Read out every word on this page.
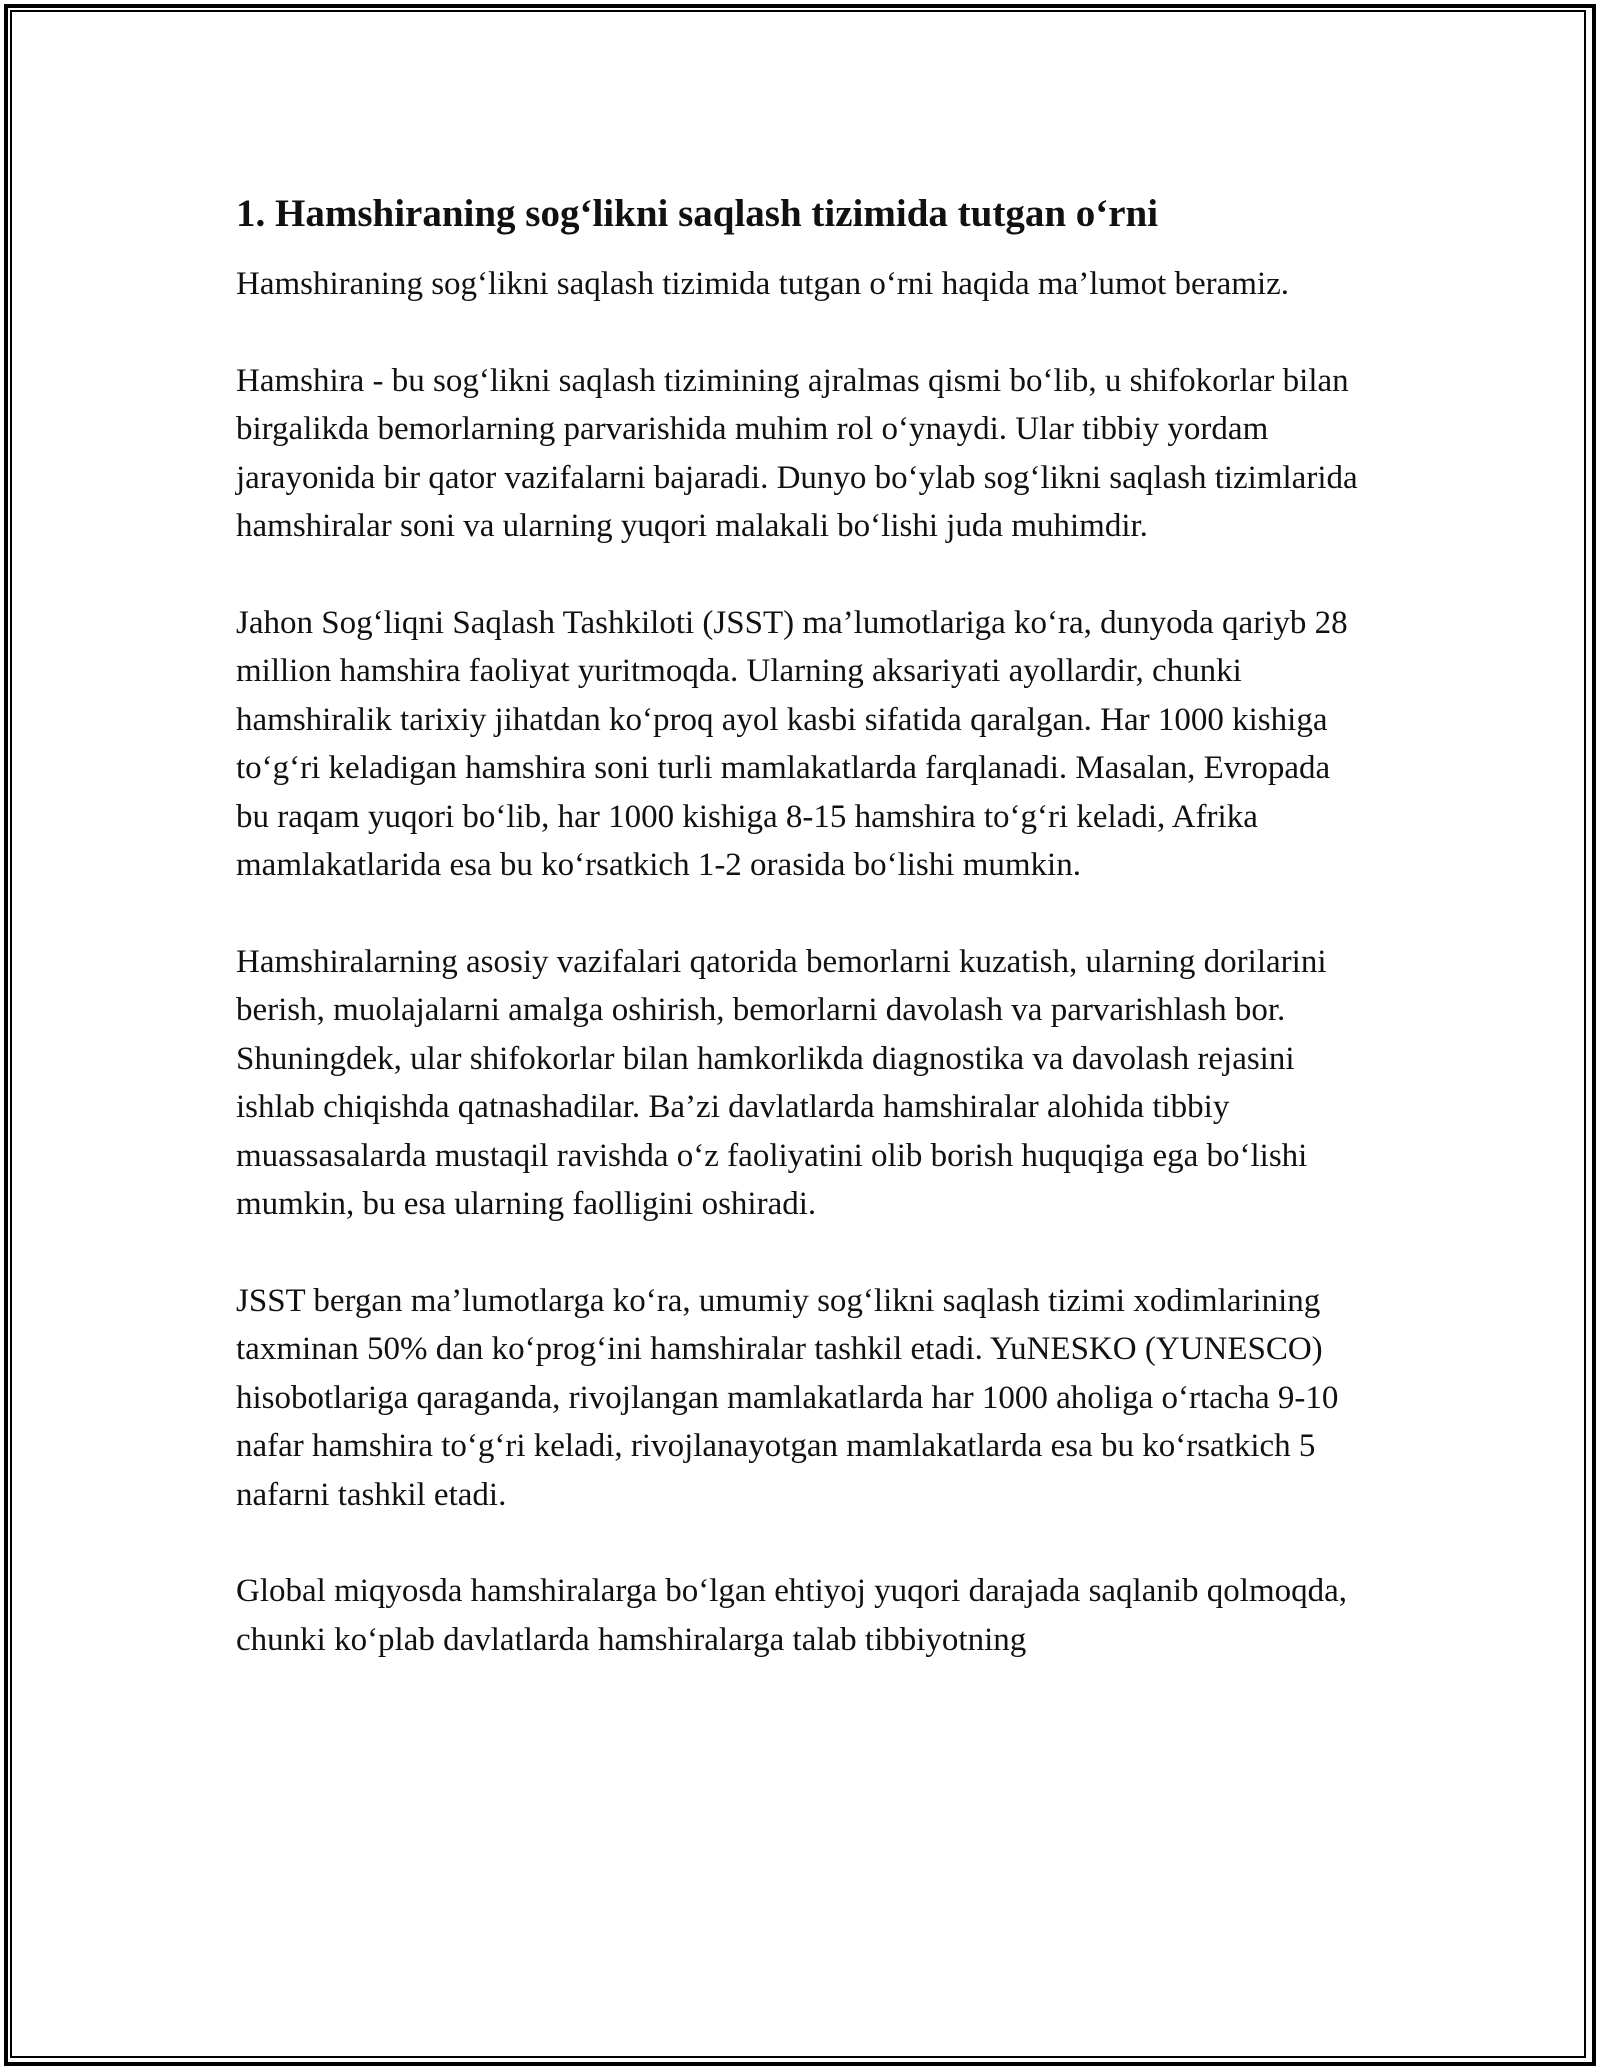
1. Hamshiraning sog‘likni saqlash tizimida tutgan o‘rni

Hamshiraning sog‘likni saqlash tizimida tutgan o‘rni haqida ma’lumot beramiz.

Hamshira - bu sog‘likni saqlash tizimining ajralmas qismi bo‘lib, u shifokorlar bilan birgalikda bemorlarning parvarishida muhim rol o‘ynaydi. Ular tibbiy yordam jarayonida bir qator vazifalarni bajaradi. Dunyo bo‘ylab sog‘likni saqlash tizimlarida hamshiralar soni va ularning yuqori malakali bo‘lishi juda muhimdir.

Jahon Sog‘liqni Saqlash Tashkiloti (JSST) ma’lumotlariga ko‘ra, dunyoda qariyb 28 million hamshira faoliyat yuritmoqda. Ularning aksariyati ayollardir, chunki hamshiralik tarixiy jihatdan ko‘proq ayol kasbi sifatida qaralgan. Har 1000 kishiga to‘g‘ri keladigan hamshira soni turli mamlakatlarda farqlanadi. Masalan, Evropada bu raqam yuqori bo‘lib, har 1000 kishiga 8-15 hamshira to‘g‘ri keladi, Afrika mamlakatlarida esa bu ko‘rsatkich 1-2 orasida bo‘lishi mumkin.

Hamshiralarning asosiy vazifalari qatorida bemorlarni kuzatish, ularning dorilarini berish, muolajalarni amalga oshirish, bemorlarni davolash va parvarishlash bor. Shuningdek, ular shifokorlar bilan hamkorlikda diagnostika va davolash rejasini ishlab chiqishda qatnashadilar. Ba’zi davlatlarda hamshiralar alohida tibbiy muassasalarda mustaqil ravishda o‘z faoliyatini olib borish huquqiga ega bo‘lishi mumkin, bu esa ularning faolligini oshiradi.

JSST bergan ma’lumotlarga ko‘ra, umumiy sog‘likni saqlash tizimi xodimlarining taxminan 50% dan ko‘prog‘ini hamshiralar tashkil etadi. YuNESKO (YUNESCO) hisobotlariga qaraganda, rivojlangan mamlakatlarda har 1000 aholiga o‘rtacha 9-10 nafar hamshira to‘g‘ri keladi, rivojlanayotgan mamlakatlarda esa bu ko‘rsatkich 5 nafarni tashkil etadi.

Global miqyosda hamshiralarga bo‘lgan ehtiyoj yuqori darajada saqlanib qolmoqda, chunki ko‘plab davlatlarda hamshiralarga talab tibbiyotning
